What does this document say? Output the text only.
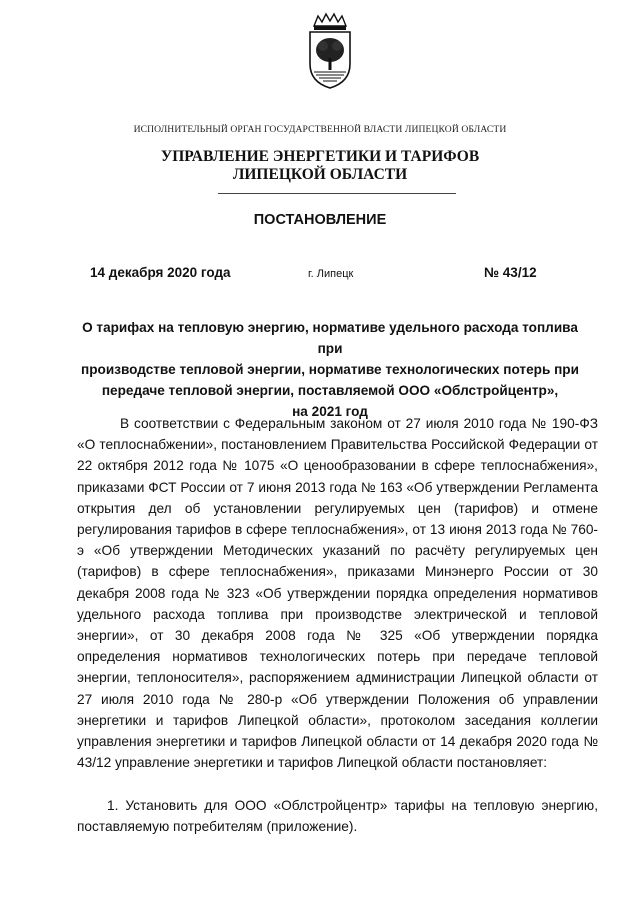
ИСПОЛНИТЕЛЬНЫЙ ОРГАН ГОСУДАРСТВЕННОЙ ВЛАСТИ ЛИПЕЦКОЙ ОБЛАСТИ
УПРАВЛЕНИЕ ЭНЕРГЕТИКИ И ТАРИФОВ
ЛИПЕЦКОЙ ОБЛАСТИ
ПОСТАНОВЛЕНИЕ
14 декабря 2020 года	г. Липецк	№ 43/12
О тарифах на тепловую энергию, нормативе удельного расхода топлива при
производстве тепловой энергии, нормативе технологических потерь при
передаче тепловой энергии, поставляемой ООО «Облстройцентр»,
на 2021 год
В соответствии с Федеральным законом от 27 июля 2010 года № 190-ФЗ «О теплоснабжении», постановлением Правительства Российской Федерации от 22 октября 2012 года № 1075 «О ценообразовании в сфере теплоснабжения», приказами ФСТ России от 7 июня 2013 года № 163 «Об утверждении Регламента открытия дел об установлении регулируемых цен (тарифов) и отмене регулирования тарифов в сфере теплоснабжения», от 13 июня 2013 года № 760-э «Об утверждении Методических указаний по расчёту регулируемых цен (тарифов) в сфере теплоснабжения», приказами Минэнерго России от 30 декабря 2008 года № 323 «Об утверждении порядка определения нормативов удельного расхода топлива при производстве электрической и тепловой энергии», от 30 декабря 2008 года № 325 «Об утверждении порядка определения нормативов технологических потерь при передаче тепловой энергии, теплоносителя», распоряжением администрации Липецкой области от 27 июля 2010 года № 280-р «Об утверждении Положения об управлении энергетики и тарифов Липецкой области», протоколом заседания коллегии управления энергетики и тарифов Липецкой области от 14 декабря 2020 года № 43/12 управление энергетики и тарифов Липецкой области постановляет:
1. Установить для ООО «Облстройцентр» тарифы на тепловую энергию, поставляемую потребителям (приложение).
